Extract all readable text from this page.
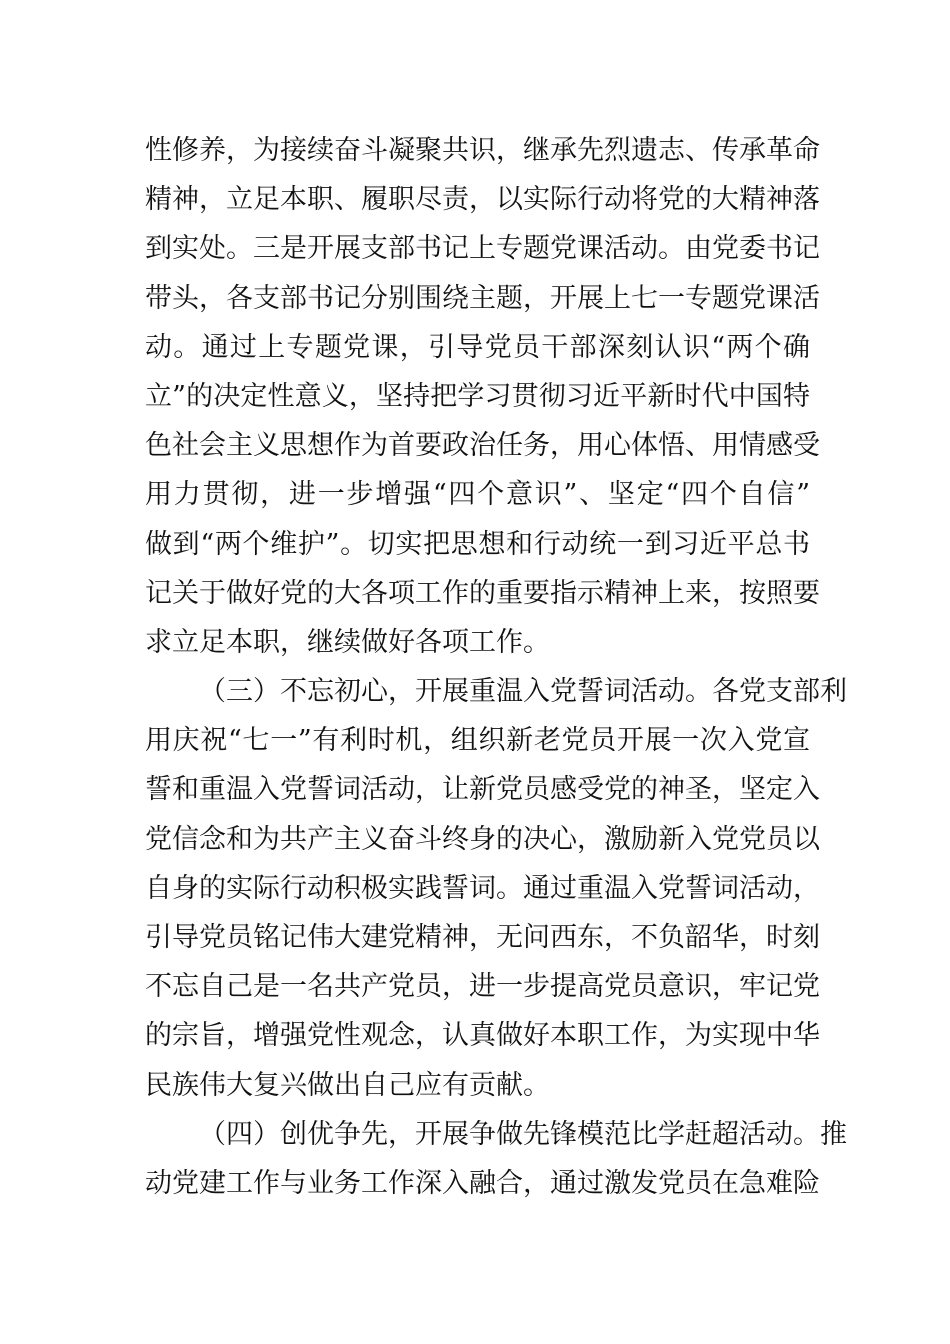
性修养，为接续奋斗凝聚共识，继承先烈遗志、传承革命
精神，立足本职、履职尽责，以实际行动将党的大精神落
到实处。三是开展支部书记上专题党课活动。由党委书记
带头，各支部书记分别围绕主题，开展上七一专题党课活
动。通过上专题党课，引导党员干部深刻认识“两个确
立”的决定性意义，坚持把学习贯彻习近平新时代中国特
色社会主义思想作为首要政治任务，用心体悟、用情感受
用力贯彻，进一步增强“四个意识”、坚定“四个自信”
做到“两个维护”。切实把思想和行动统一到习近平总书
记关于做好党的大各项工作的重要指示精神上来，按照要
求立足本职，继续做好各项工作。
（三）不忘初心，开展重温入党誓词活动。各党支部利
用庆祝“七一”有利时机，组织新老党员开展一次入党宣
誓和重温入党誓词活动，让新党员感受党的神圣，坚定入
党信念和为共产主义奋斗终身的决心，激励新入党党员以
自身的实际行动积极实践誓词。通过重温入党誓词活动，
引导党员铭记伟大建党精神，无问西东，不负韶华，时刻
不忘自己是一名共产党员，进一步提高党员意识，牢记党
的宗旨，增强党性观念，认真做好本职工作，为实现中华
民族伟大复兴做出自己应有贡献。
（四）创优争先，开展争做先锋模范比学赶超活动。推
动党建工作与业务工作深入融合，通过激发党员在急难险
